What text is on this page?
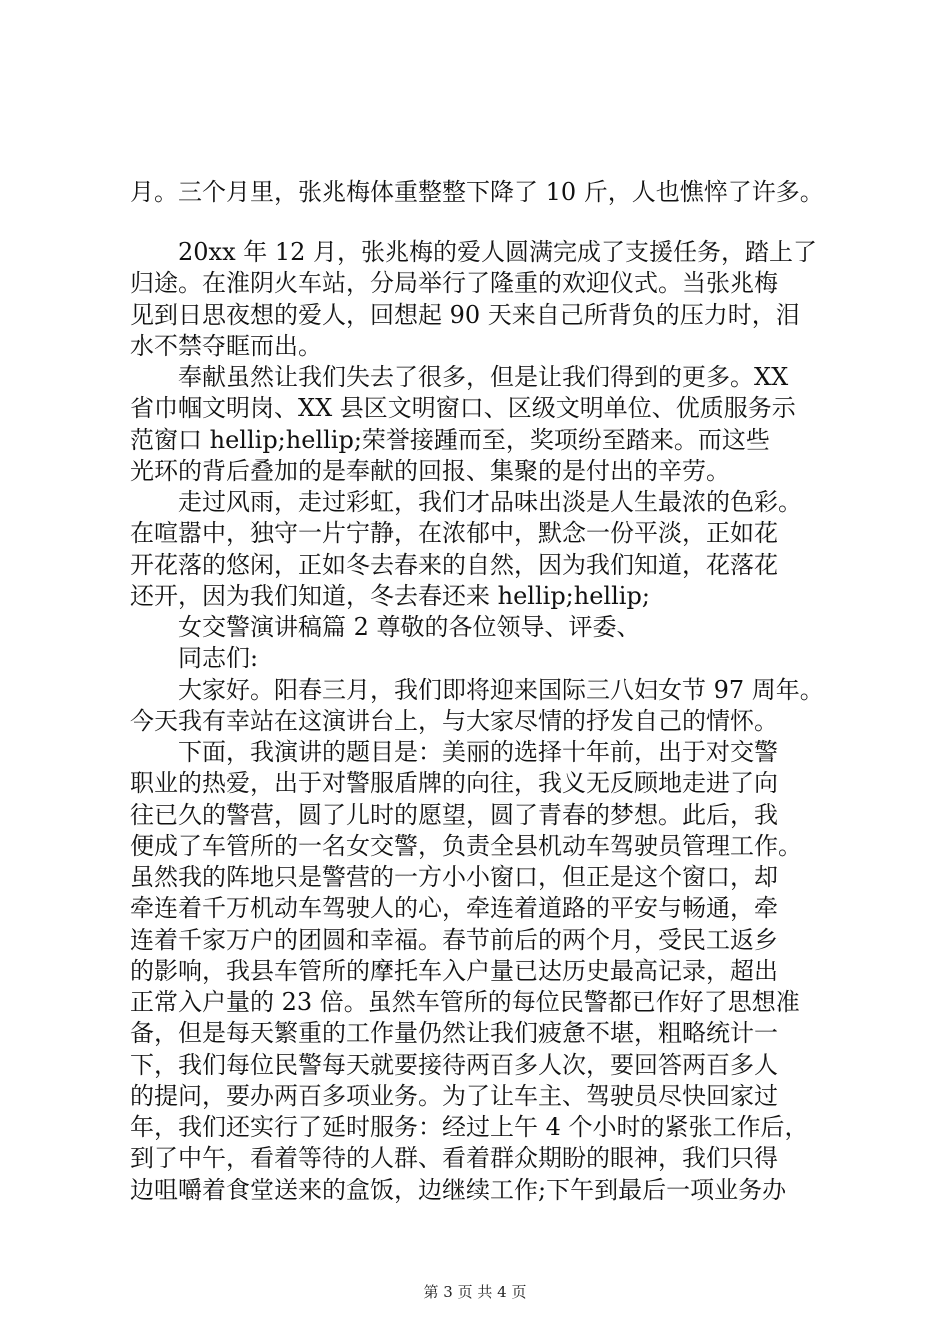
月。三个月里，张兆梅体重整整下降了 10 斤，人也憔悴了许多。
20xx 年 12 月，张兆梅的爱人圆满完成了支援任务，踏上了
归途。在淮阴火车站，分局举行了隆重的欢迎仪式。当张兆梅
见到日思夜想的爱人，回想起 90 天来自己所背负的压力时，泪
水不禁夺眶而出。
奉献虽然让我们失去了很多，但是让我们得到的更多。XX
省巾帼文明岗、XX 县区文明窗口、区级文明单位、优质服务示
范窗口 hellip;hellip;荣誉接踵而至，奖项纷至踏来。而这些
光环的背后叠加的是奉献的回报、集聚的是付出的辛劳。
走过风雨，走过彩虹，我们才品味出淡是人生最浓的色彩。
在喧嚣中，独守一片宁静，在浓郁中，默念一份平淡，正如花
开花落的悠闲，正如冬去春来的自然，因为我们知道，花落花
还开，因为我们知道，冬去春还来 hellip;hellip;
女交警演讲稿篇 2 尊敬的各位领导、评委、
同志们:
大家好。阳春三月，我们即将迎来国际三八妇女节 97 周年。
今天我有幸站在这演讲台上，与大家尽情的抒发自己的情怀。
下面，我演讲的题目是：美丽的选择十年前，出于对交警
职业的热爱，出于对警服盾牌的向往，我义无反顾地走进了向
往已久的警营，圆了儿时的愿望，圆了青春的梦想。此后，我
便成了车管所的一名女交警，负责全县机动车驾驶员管理工作。
虽然我的阵地只是警营的一方小小窗口，但正是这个窗口，却
牵连着千万机动车驾驶人的心，牵连着道路的平安与畅通，牵
连着千家万户的团圆和幸福。春节前后的两个月，受民工返乡
的影响，我县车管所的摩托车入户量已达历史最高记录，超出
正常入户量的 23 倍。虽然车管所的每位民警都已作好了思想准
备，但是每天繁重的工作量仍然让我们疲惫不堪，粗略统计一
下，我们每位民警每天就要接待两百多人次，要回答两百多人
的提问，要办两百多项业务。为了让车主、驾驶员尽快回家过
年，我们还实行了延时服务：经过上午 4 个小时的紧张工作后，
到了中午，看着等待的人群、看着群众期盼的眼神，我们只得
边咀嚼着食堂送来的盒饭，边继续工作;下午到最后一项业务办
第 3 页 共 4 页
